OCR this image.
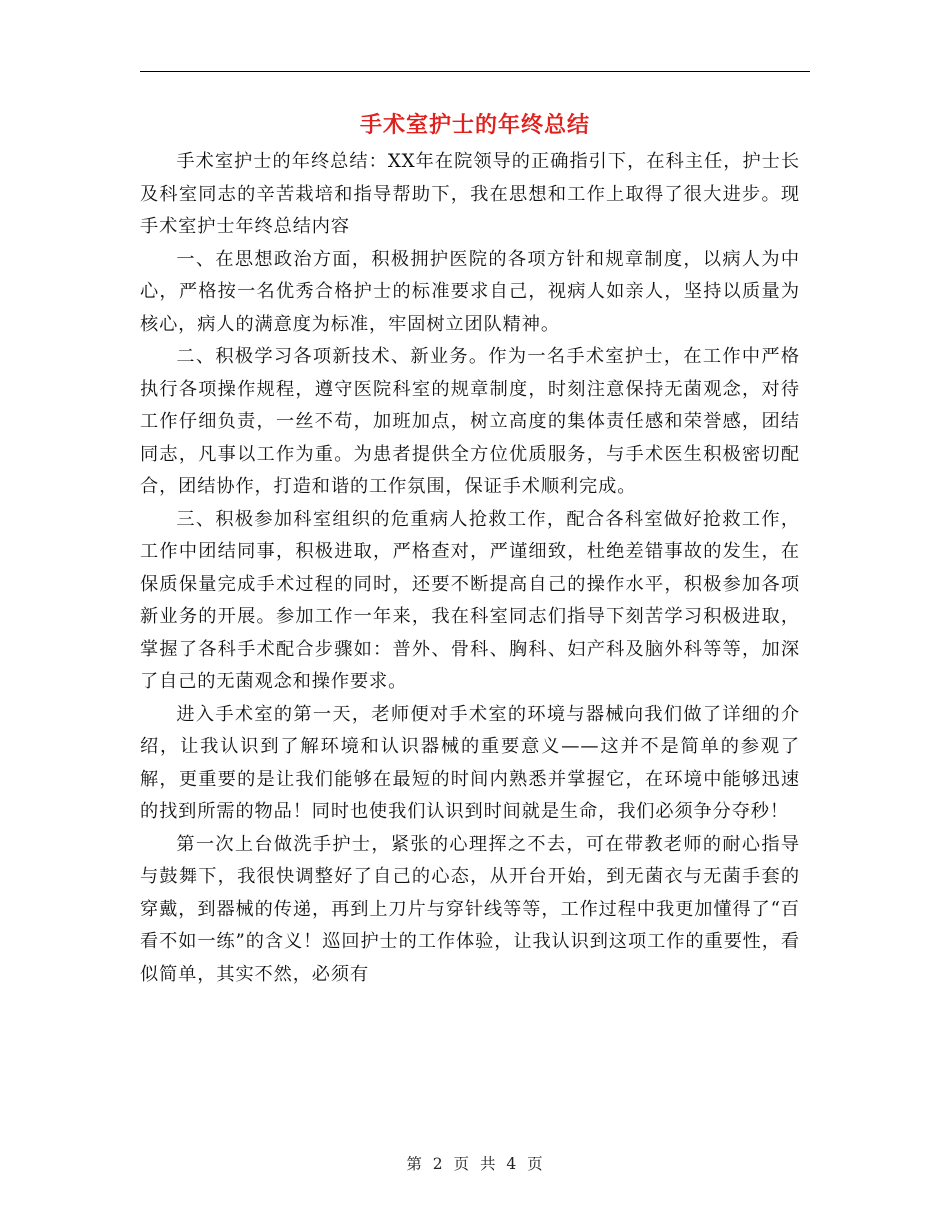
手术室护士的年终总结

手术室护士的年终总结：XX年在院领导的正确指引下，在科主任，护士长及科室同志的辛苦栽培和指导帮助下，我在思想和工作上取得了很大进步。现手术室护士年终总结内容

一、在思想政治方面，积极拥护医院的各项方针和规章制度，以病人为中心，严格按一名优秀合格护士的标准要求自己，视病人如亲人，坚持以质量为核心，病人的满意度为标准，牢固树立团队精神。

二、积极学习各项新技术、新业务。作为一名手术室护士，在工作中严格执行各项操作规程，遵守医院科室的规章制度，时刻注意保持无菌观念，对待工作仔细负责，一丝不苟，加班加点，树立高度的集体责任感和荣誉感，团结同志，凡事以工作为重。为患者提供全方位优质服务，与手术医生积极密切配合，团结协作，打造和谐的工作氛围，保证手术顺利完成。

三、积极参加科室组织的危重病人抢救工作，配合各科室做好抢救工作，工作中团结同事，积极进取，严格查对，严谨细致，杜绝差错事故的发生，在保质保量完成手术过程的同时，还要不断提高自己的操作水平，积极参加各项新业务的开展。参加工作一年来，我在科室同志们指导下刻苦学习积极进取，掌握了各科手术配合步骤如：普外、骨科、胸科、妇产科及脑外科等等，加深了自己的无菌观念和操作要求。

进入手术室的第一天，老师便对手术室的环境与器械向我们做了详细的介绍，让我认识到了解环境和认识器械的重要意义——这并不是简单的参观了解，更重要的是让我们能够在最短的时间内熟悉并掌握它，在环境中能够迅速的找到所需的物品！同时也使我们认识到时间就是生命，我们必须争分夺秒！

第一次上台做洗手护士，紧张的心理挥之不去，可在带教老师的耐心指导与鼓舞下，我很快调整好了自己的心态，从开台开始，到无菌衣与无菌手套的穿戴，到器械的传递，再到上刀片与穿针线等等，工作过程中我更加懂得了“百看不如一练”的含义！巡回护士的工作体验，让我认识到这项工作的重要性，看似简单，其实不然，必须有

第 2 页 共 4 页
